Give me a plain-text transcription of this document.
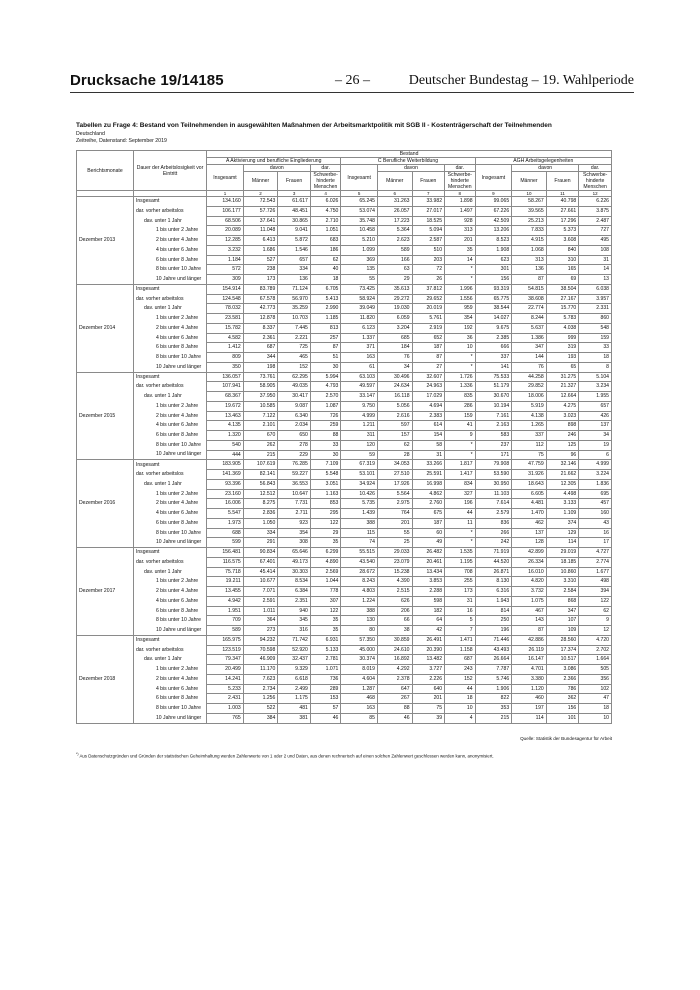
Drucksache 19/14185	– 26 –	Deutscher Bundestag – 19. Wahlperiode
Tabellen zu Frage 4: Bestand von Teilnehmenden in ausgewählten Maßnahmen der Arbeitsmarktpolitik mit SGB II - Kostenträgerschaft der Teilnehmenden
Deutschland
Zeitreihe, Datenstand: September 2019
Berichtsmonate	Dauer der Arbeitslosigkeit vor Eintritt	Bestand											
		A Aktivierung und berufliche Eingliederung				C Berufliche Weiterbildung				AGH Arbeitsgelegenheiten			
		Insgesamt	davon		dar.	Insgesamt	davon		dar.	Insgesamt	davon		dar.
			Männer	Frauen	Schwerbe-hinderte Menschen		Männer	Frauen	Schwerbe-hinderte Menschen		Männer	Frauen	Schwerbe-hinderte Menschen
		1	2	3	4	5	6	7	8	9	10	11	12
Dezember 2013	Insgesamt	134.160	72.543	61.617	6.026	65.245	31.263	33.982	1.898	99.065	58.267	40.798	6.226
	dar. vorher arbeitslos	106.177	57.726	48.451	4.750	53.074	26.057	27.017	1.497	67.226	39.565	27.661	3.875
	dav. unter 1 Jahr	68.506	37.641	30.865	2.710	35.748	17.223	18.525	928	42.509	25.213	17.296	2.487
	1 bis unter 2 Jahre	20.089	11.048	9.041	1.051	10.458	5.364	5.094	313	13.206	7.833	5.373	727
	2 bis unter 4 Jahre	12.285	6.413	5.872	683	5.210	2.623	2.587	201	8.523	4.915	3.608	495
	4 bis unter 6 Jahre	3.232	1.686	1.546	186	1.099	589	510	35	1.908	1.068	840	108
	6 bis unter 8 Jahre	1.184	527	657	62	369	166	203	14	623	313	310	31
	8 bis unter 10 Jahre	572	238	334	40	135	63	72	*	301	136	165	14
	10 Jahre und länger	309	173	136	18	55	29	26	*	156	87	69	13
Dezember 2014	Insgesamt	154.914	83.789	71.124	6.705	73.425	35.613	37.812	1.996	93.319	54.815	38.504	6.038
	dar. vorher arbeitslos	124.548	67.578	56.970	5.413	58.924	29.272	29.652	1.556	65.775	38.608	27.167	3.957
	dav. unter 1 Jahr	78.032	42.773	35.259	2.990	39.049	19.030	20.019	959	38.544	22.774	15.770	2.331
	1 bis unter 2 Jahre	23.581	12.878	10.703	1.185	11.820	6.059	5.761	354	14.027	8.244	5.783	860
	2 bis unter 4 Jahre	15.782	8.337	7.445	813	6.123	3.204	2.919	192	9.675	5.637	4.038	548
	4 bis unter 6 Jahre	4.582	2.361	2.221	257	1.337	685	652	36	2.385	1.386	999	159
	6 bis unter 8 Jahre	1.412	687	725	87	371	184	187	10	666	347	319	33
	8 bis unter 10 Jahre	809	344	465	51	163	76	87	*	337	144	193	18
	10 Jahre und länger	350	198	152	30	61	34	27	*	141	76	65	8
Dezember 2015	Insgesamt	136.057	73.761	62.295	5.994	63.103	30.496	32.607	1.726	75.533	44.258	31.275	5.104
	dar. vorher arbeitslos	107.941	58.905	49.035	4.793	49.597	24.634	24.963	1.336	51.179	29.852	21.327	3.234
	dav. unter 1 Jahr	68.367	37.950	30.417	2.570	33.147	16.118	17.029	835	30.670	18.006	12.664	1.955
	1 bis unter 2 Jahre	19.672	10.585	9.087	1.087	9.750	5.056	4.694	286	10.194	5.919	4.275	657
	2 bis unter 4 Jahre	13.463	7.122	6.340	726	4.999	2.616	2.383	159	7.161	4.138	3.023	426
	4 bis unter 6 Jahre	4.135	2.101	2.034	259	1.211	597	614	41	2.163	1.265	898	137
	6 bis unter 8 Jahre	1.320	670	650	88	311	157	154	9	583	337	246	34
	8 bis unter 10 Jahre	540	262	278	33	120	62	58	*	237	112	125	19
	10 Jahre und länger	444	215	229	30	59	28	31	*	171	75	96	6
Dezember 2016	Insgesamt	183.905	107.619	76.285	7.109	67.319	34.053	33.266	1.817	79.908	47.759	32.146	4.999
	dar. vorher arbeitslos	141.369	82.141	59.227	5.548	53.101	27.510	25.591	1.417	53.590	31.926	21.662	3.224
	dav. unter 1 Jahr	93.396	56.843	36.553	3.051	34.924	17.926	16.998	834	30.950	18.643	12.305	1.836
	1 bis unter 2 Jahre	23.160	12.512	10.647	1.163	10.426	5.564	4.862	327	11.103	6.605	4.498	695
	2 bis unter 4 Jahre	16.006	8.275	7.731	853	5.735	2.975	2.760	196	7.614	4.481	3.133	457
	4 bis unter 6 Jahre	5.547	2.836	2.711	295	1.439	764	675	44	2.579	1.470	1.109	160
	6 bis unter 8 Jahre	1.973	1.050	923	122	388	201	187	11	836	462	374	43
	8 bis unter 10 Jahre	688	334	354	29	115	55	60	*	266	137	129	16
	10 Jahre und länger	599	291	308	35	74	25	49	*	242	128	114	17
Dezember 2017	Insgesamt	156.481	90.834	65.646	6.299	55.515	29.033	26.482	1.535	71.919	42.899	29.019	4.727
	dar. vorher arbeitslos	116.575	67.401	49.173	4.890	43.540	23.079	20.461	1.195	44.520	26.334	18.185	2.774
	dav. unter 1 Jahr	75.718	45.414	30.303	2.569	28.672	15.238	13.434	708	26.871	16.010	10.860	1.677
	1 bis unter 2 Jahre	19.211	10.677	8.534	1.044	8.243	4.390	3.853	255	8.130	4.820	3.310	498
	2 bis unter 4 Jahre	13.455	7.071	6.384	778	4.803	2.515	2.288	173	6.316	3.732	2.584	394
	4 bis unter 6 Jahre	4.942	2.591	2.351	307	1.224	626	598	31	1.943	1.075	868	122
	6 bis unter 8 Jahre	1.951	1.011	940	122	388	206	182	16	814	467	347	62
	8 bis unter 10 Jahre	709	364	345	35	130	66	64	5	250	143	107	9
	10 Jahre und länger	589	273	316	35	80	38	42	7	196	87	109	12
Dezember 2018	Insgesamt	165.975	94.232	71.742	6.931	57.350	30.859	26.491	1.471	71.446	42.886	28.560	4.720
	dar. vorher arbeitslos	123.519	70.598	52.920	5.133	45.000	24.610	20.390	1.158	43.493	26.119	17.374	2.702
	dav. unter 1 Jahr	79.347	46.909	32.437	2.781	30.374	16.892	13.482	687	26.664	16.147	10.517	1.664
	1 bis unter 2 Jahre	20.499	11.170	9.329	1.071	8.019	4.292	3.727	243	7.787	4.701	3.086	505
	2 bis unter 4 Jahre	14.241	7.623	6.618	736	4.604	2.378	2.226	152	5.746	3.380	2.366	356
	4 bis unter 6 Jahre	5.233	2.734	2.499	289	1.287	647	640	44	1.906	1.120	786	102
	6 bis unter 8 Jahre	2.431	1.256	1.175	153	468	267	201	18	822	460	362	47
	8 bis unter 10 Jahre	1.003	522	481	57	163	88	75	10	353	197	156	18
	10 Jahre und länger	765	384	381	46	85	46	39	4	215	114	101	10
Quelle: Statistik der Bundesagentur für Arbeit
*) Aus Datenschutzgründen und Gründen der statistischen Geheimhaltung werden Zahlenwerte von 1 oder 2 und Daten, aus denen rechnerisch auf einen solchen Zahlenwert geschlossen werden kann, anonymisiert.
